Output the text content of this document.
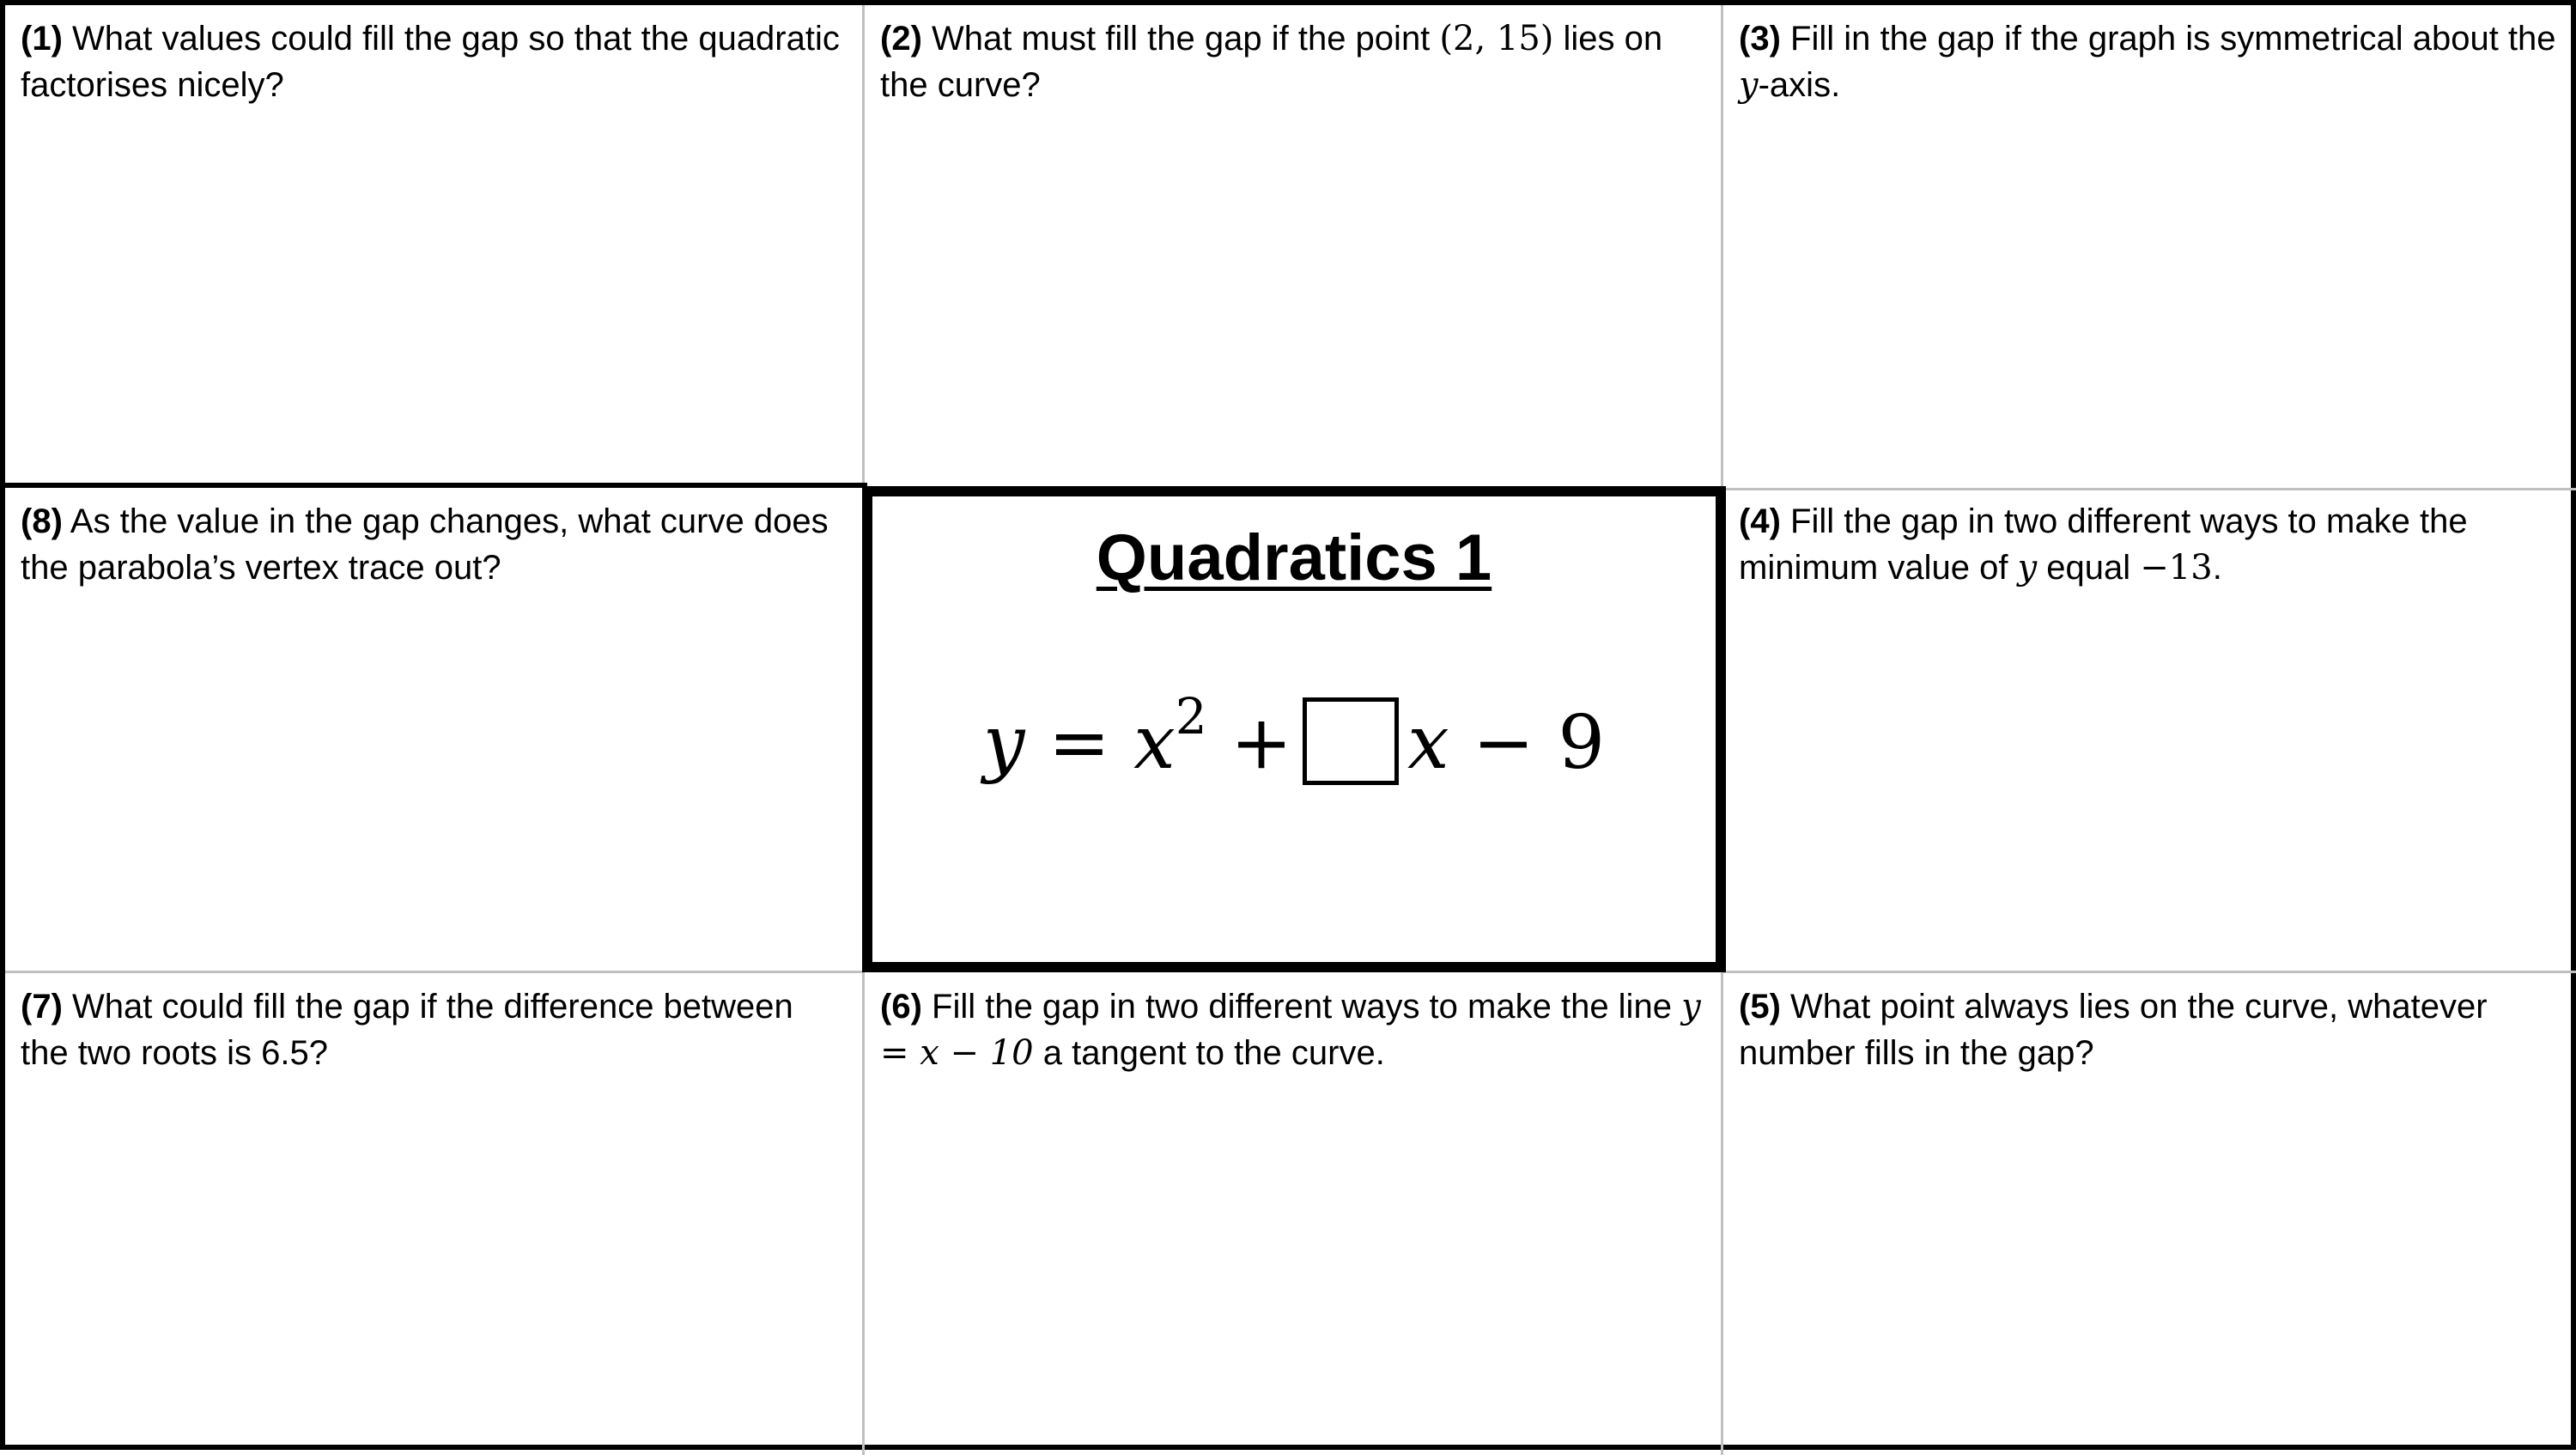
(1) What values could fill the gap so that the quadratic factorises nicely?
(2) What must fill the gap if the point (2, 15) lies on the curve?
(3) Fill in the gap if the graph is symmetrical about the y-axis.
(8) As the value in the gap changes, what curve does the parabola’s vertex trace out?	Quadratics 1
$y = x^2 + x - 9$
(4) Fill the gap in two different ways to make the minimum value of y equal −13.
(7) What could fill the gap if the difference between the two roots is 6.5?
(6) Fill the gap in two different ways to make the line y = x − 10 a tangent to the curve.
(5) What point always lies on the curve, whatever number fills in the gap?
